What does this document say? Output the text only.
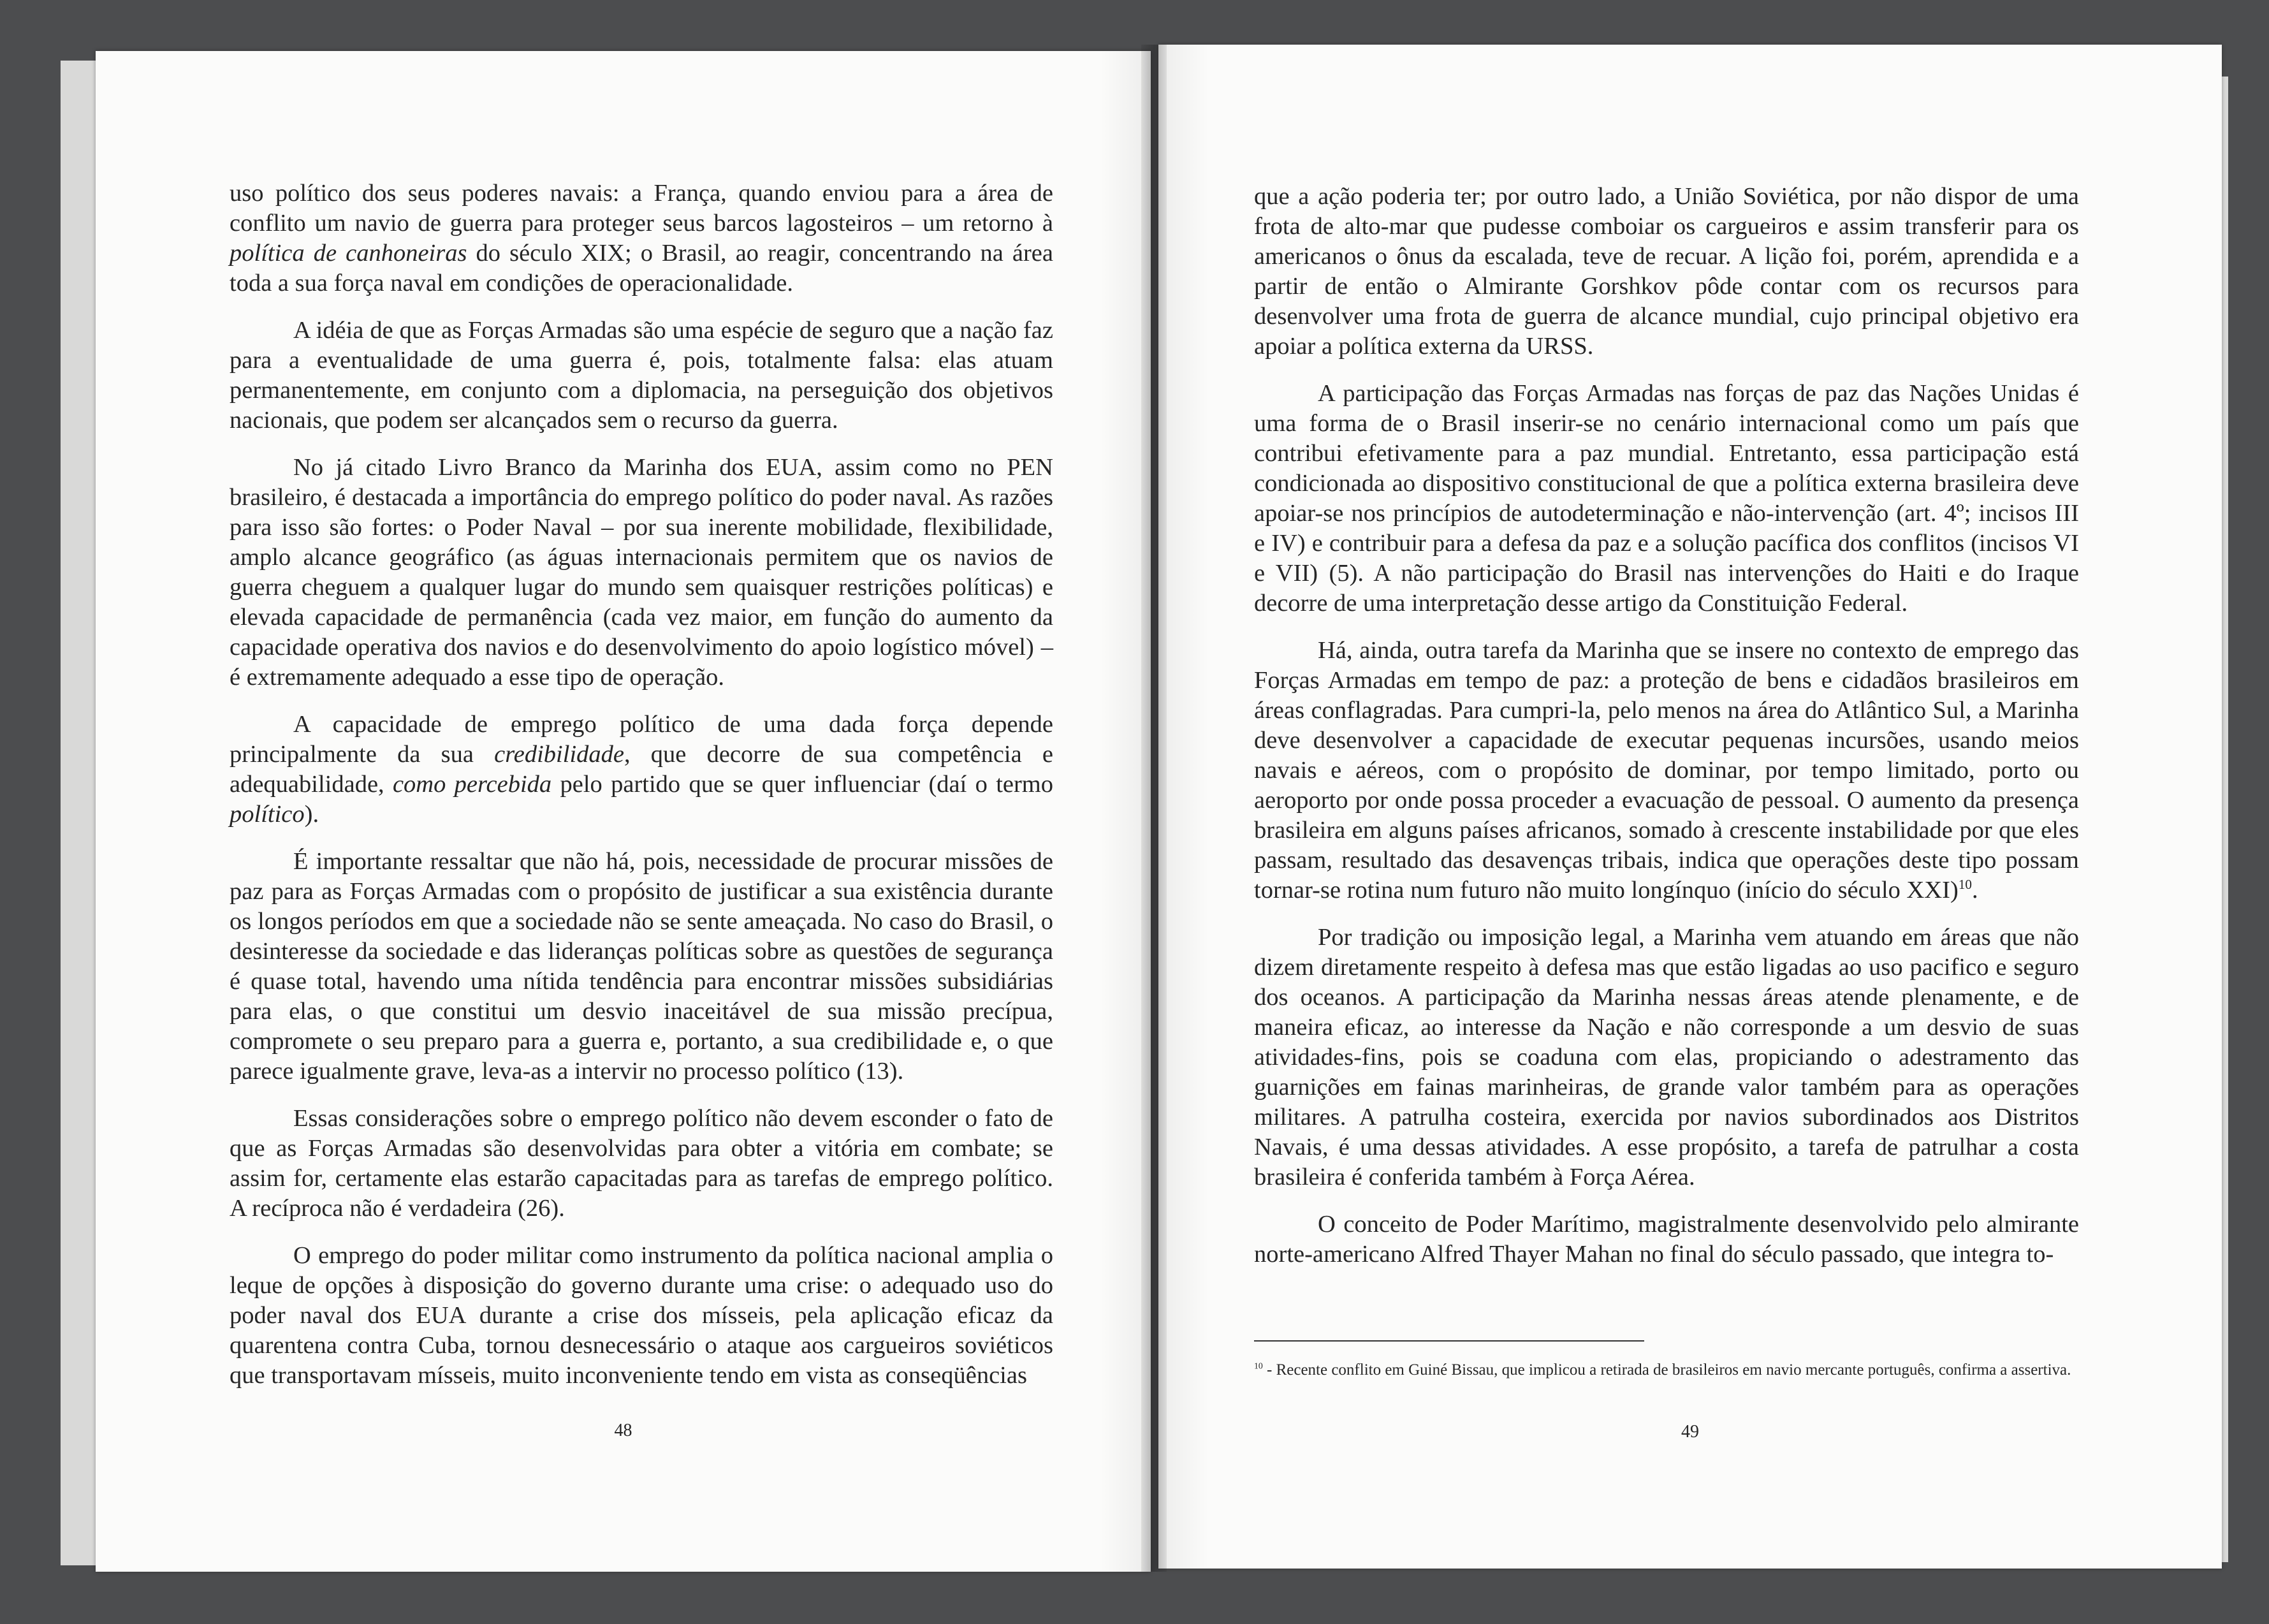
uso político dos seus poderes navais: a França, quando enviou para a área de conflito um navio de guerra para proteger seus barcos lagosteiros – um retorno à política de canhoneiras do século XIX; o Brasil, ao reagir, concentrando na área toda a sua força naval em condições de operacionalidade.

A idéia de que as Forças Armadas são uma espécie de seguro que a nação faz para a eventualidade de uma guerra é, pois, totalmente falsa: elas atuam permanentemente, em conjunto com a diplomacia, na perseguição dos objetivos nacionais, que podem ser alcançados sem o recurso da guerra.

No já citado Livro Branco da Marinha dos EUA, assim como no PEN brasileiro, é destacada a importância do emprego político do poder naval. As razões para isso são fortes: o Poder Naval – por sua inerente mobilidade, flexibilidade, amplo alcance geográfico (as águas internacionais permitem que os navios de guerra cheguem a qualquer lugar do mundo sem quaisquer restrições políticas) e elevada capacidade de permanência (cada vez maior, em função do aumento da capacidade operativa dos navios e do desenvolvimento do apoio logístico móvel) – é extremamente adequado a esse tipo de operação.

A capacidade de emprego político de uma dada força depende principalmente da sua credibilidade, que decorre de sua competência e adequabilidade, como percebida pelo partido que se quer influenciar (daí o termo político).

É importante ressaltar que não há, pois, necessidade de procurar missões de paz para as Forças Armadas com o propósito de justificar a sua existência durante os longos períodos em que a sociedade não se sente ameaçada. No caso do Brasil, o desinteresse da sociedade e das lideranças políticas sobre as questões de segurança é quase total, havendo uma nítida tendência para encontrar missões subsidiárias para elas, o que constitui um desvio inaceitável de sua missão precípua, compromete o seu preparo para a guerra e, portanto, a sua credibilidade e, o que parece igualmente grave, leva-as a intervir no processo político (13).

Essas considerações sobre o emprego político não devem esconder o fato de que as Forças Armadas são desenvolvidas para obter a vitória em combate; se assim for, certamente elas estarão capacitadas para as tarefas de emprego político. A recíproca não é verdadeira (26).

O emprego do poder militar como instrumento da política nacional amplia o leque de opções à disposição do governo durante uma crise: o adequado uso do poder naval dos EUA durante a crise dos mísseis, pela aplicação eficaz da quarentena contra Cuba, tornou desnecessário o ataque aos cargueiros soviéticos que transportavam mísseis, muito inconveniente tendo em vista as conseqüências

48

que a ação poderia ter; por outro lado, a União Soviética, por não dispor de uma frota de alto-mar que pudesse comboiar os cargueiros e assim transferir para os americanos o ônus da escalada, teve de recuar. A lição foi, porém, aprendida e a partir de então o Almirante Gorshkov pôde contar com os recursos para desenvolver uma frota de guerra de alcance mundial, cujo principal objetivo era apoiar a política externa da URSS.

A participação das Forças Armadas nas forças de paz das Nações Unidas é uma forma de o Brasil inserir-se no cenário internacional como um país que contribui efetivamente para a paz mundial. Entretanto, essa participação está condicionada ao dispositivo constitucional de que a política externa brasileira deve apoiar-se nos princípios de autodeterminação e não-intervenção (art. 4º; incisos III e IV) e contribuir para a defesa da paz e a solução pacífica dos conflitos (incisos VI e VII) (5). A não participação do Brasil nas intervenções do Haiti e do Iraque decorre de uma interpretação desse artigo da Constituição Federal.

Há, ainda, outra tarefa da Marinha que se insere no contexto de emprego das Forças Armadas em tempo de paz: a proteção de bens e cidadãos brasileiros em áreas conflagradas. Para cumpri-la, pelo menos na área do Atlântico Sul, a Marinha deve desenvolver a capacidade de executar pequenas incursões, usando meios navais e aéreos, com o propósito de dominar, por tempo limitado, porto ou aeroporto por onde possa proceder a evacuação de pessoal. O aumento da presença brasileira em alguns países africanos, somado à crescente instabilidade por que eles passam, resultado das desavenças tribais, indica que operações deste tipo possam tornar-se rotina num futuro não muito longínquo (início do século XXI)$^{10}$.

Por tradição ou imposição legal, a Marinha vem atuando em áreas que não dizem diretamente respeito à defesa mas que estão ligadas ao uso pacifico e seguro dos oceanos. A participação da Marinha nessas áreas atende plenamente, e de maneira eficaz, ao interesse da Nação e não corresponde a um desvio de suas atividades-fins, pois se coaduna com elas, propiciando o adestramento das guarnições em fainas marinheiras, de grande valor também para as operações militares. A patrulha costeira, exercida por navios subordinados aos Distritos Navais, é uma dessas atividades. A esse propósito, a tarefa de patrulhar a costa brasileira é conferida também à Força Aérea.

O conceito de Poder Marítimo, magistralmente desenvolvido pelo almirante norte-americano Alfred Thayer Mahan no final do século passado, que integra to-

$^{10}$ - Recente conflito em Guiné Bissau, que implicou a retirada de brasileiros em navio mercante português, confirma a assertiva.
49
